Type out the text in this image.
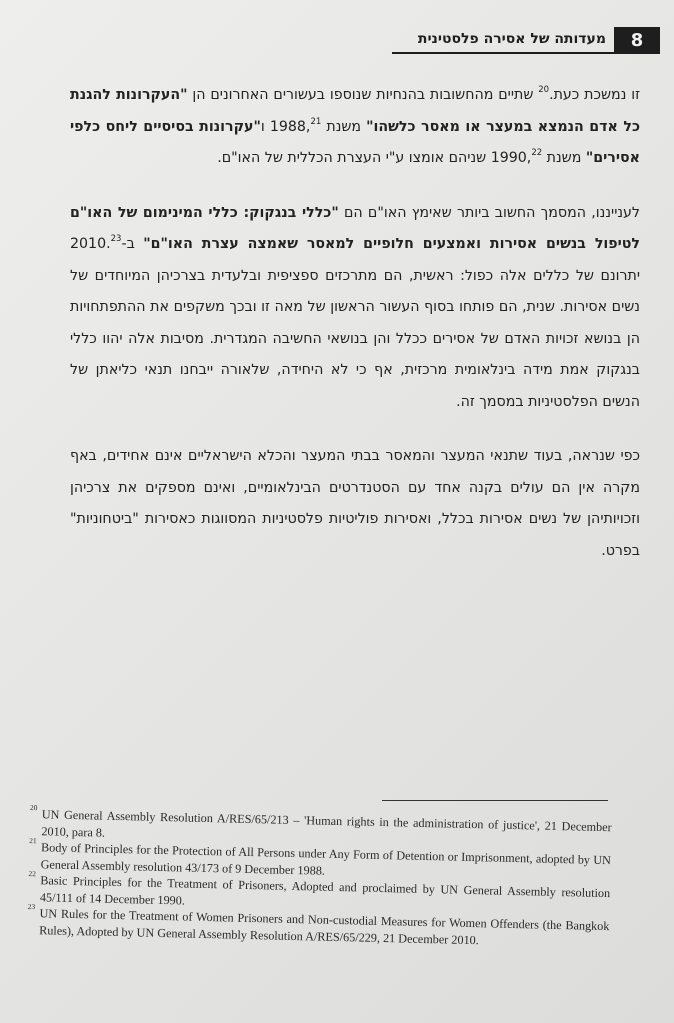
מעדותה של אסירה פלסטינית	8

זו נמשכת כעת.$^{20}$ שתיים מהחשובות בהנחיות שנוספו בעשורים האחרונים הן "העקרונות להגנת כל אדם הנמצא במעצר או מאסר כלשהו" משנת 1988,21 ו"עקרונות בסיסיים ליחס כלפי אסירים" משנת 1990,22 שניהם אומצו ע"י העצרת הכללית של האו"ם.

לענייננו, המסמך החשוב ביותר שאימץ האו"ם הם "כללי בנגקוק: כללי המינימום של האו"ם לטיפול בנשים אסירות ואמצעים חלופיים למאסר שאמצה עצרת האו"ם" ב-2010.23 יתרונם של כללים אלה כפול: ראשית, הם מתרכזים ספציפית ובלעדית בצרכיהן המיוחדים של נשים אסירות. שנית, הם פותחו בסוף העשור הראשון של מאה זו ובכך משקפים את ההתפתחויות הן בנושא זכויות האדם של אסירים ככלל והן בנושאי החשיבה המגדרית. מסיבות אלה יהוו כללי בנגקוק אמת מידה בינלאומית מרכזית, אף כי לא היחידה, שלאורה ייבחנו תנאי כליאתן של הנשים הפלסטיניות במסמך זה.

כפי שנראה, בעוד שתנאי המעצר והמאסר בבתי המעצר והכלא הישראליים אינם אחידים, באף מקרה אין הם עולים בקנה אחד עם הסטנדרטים הבינלאומיים, ואינם מספקים את צרכיהן וזכויותיהן של נשים אסירות בכלל, ואסירות פוליטיות פלסטיניות המסווגות כאסירות "ביטחוניות" בפרט.

20 UN General Assembly Resolution A/RES/65/213 – 'Human rights in the administration of justice', 21 December 2010, para 8.
21 Body of Principles for the Protection of All Persons under Any Form of Detention or Imprisonment, adopted by UN General Assembly resolution 43/173 of 9 December 1988.
22 Basic Principles for the Treatment of Prisoners, Adopted and proclaimed by UN General Assembly resolution 45/111 of 14 December 1990.
23 UN Rules for the Treatment of Women Prisoners and Non-custodial Measures for Women Offenders (the Bangkok Rules), Adopted by UN General Assembly Resolution A/RES/65/229, 21 December 2010.
